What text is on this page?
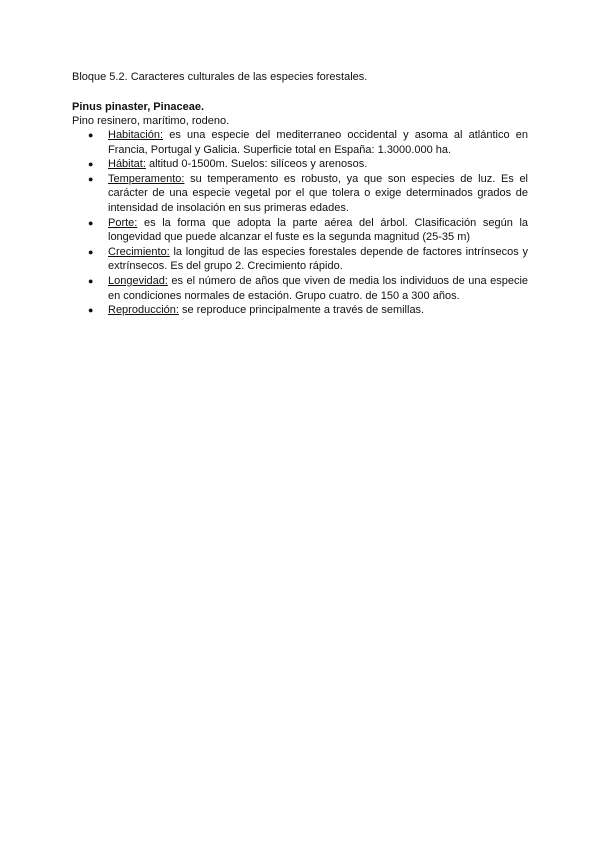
Bloque 5.2. Caracteres culturales de las especies forestales.

Pinus pinaster, Pinaceae.

Pino resinero, marítimo, rodeno.

● Habitación: es una especie del mediterraneo occidental y asoma al atlántico en Francia, Portugal y Galicia. Superficie total en España: 1.3000.000 ha.
● Hábitat: altitud 0-1500m. Suelos: silíceos y arenosos.
● Temperamento: su temperamento es robusto, ya que son especies de luz. Es el carácter de una especie vegetal por el que tolera o exige determinados grados de intensidad de insolación en sus primeras edades.
● Porte: es la forma que adopta la parte aérea del árbol. Clasificación según la longevidad que puede alcanzar el fuste es la segunda magnitud (25-35 m)
● Crecimiento: la longitud de las especies forestales depende de factores intrínsecos y extrínsecos. Es del grupo 2. Crecimiento rápido.
● Longevidad: es el número de años que viven de media los individuos de una especie en condiciones normales de estación. Grupo cuatro. de 150 a 300 años.
● Reproducción: se reproduce principalmente a través de semillas.
